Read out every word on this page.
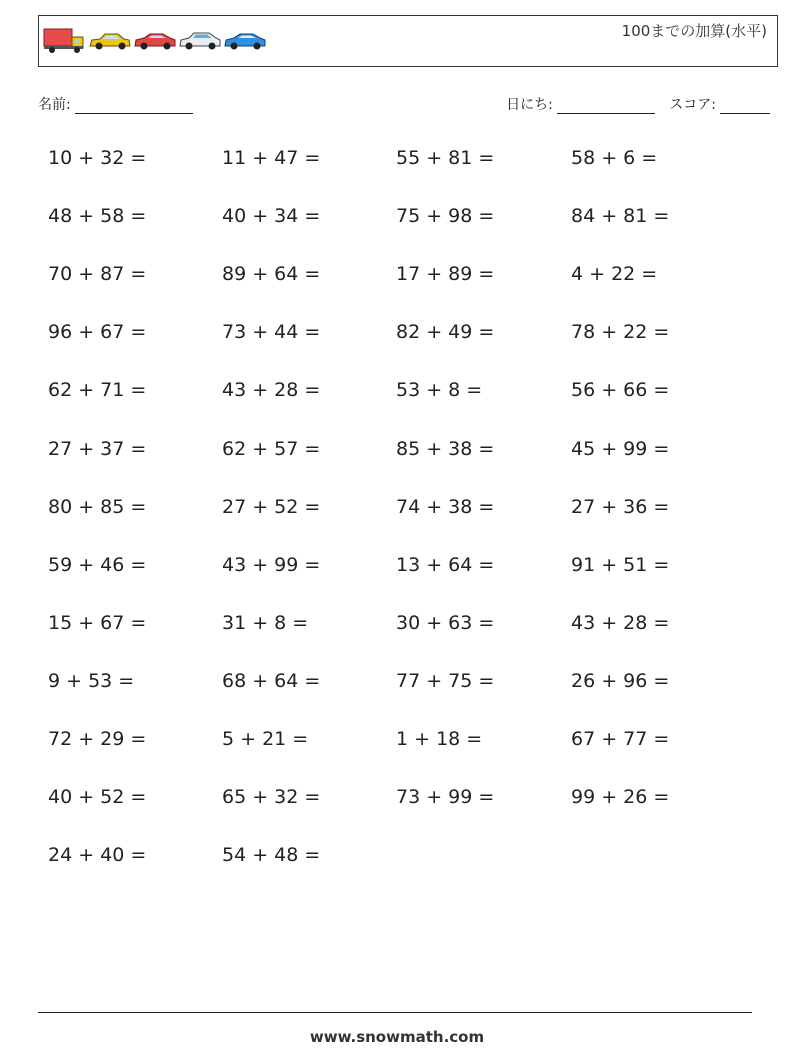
100までの加算(水平)
名前:	日にち:	スコア:
10 + 32 =	11 + 47 =	55 + 81 =	58 + 6 =
48 + 58 =	40 + 34 =	75 + 98 =	84 + 81 =
70 + 87 =	89 + 64 =	17 + 89 =	4 + 22 =
96 + 67 =	73 + 44 =	82 + 49 =	78 + 22 =
62 + 71 =	43 + 28 =	53 + 8 =	56 + 66 =
27 + 37 =	62 + 57 =	85 + 38 =	45 + 99 =
80 + 85 =	27 + 52 =	74 + 38 =	27 + 36 =
59 + 46 =	43 + 99 =	13 + 64 =	91 + 51 =
15 + 67 =	31 + 8 =	30 + 63 =	43 + 28 =
9 + 53 =	68 + 64 =	77 + 75 =	26 + 96 =
72 + 29 =	5 + 21 =	1 + 18 =	67 + 77 =
40 + 52 =	65 + 32 =	73 + 99 =	99 + 26 =
24 + 40 =	54 + 48 =
www.snowmath.com
